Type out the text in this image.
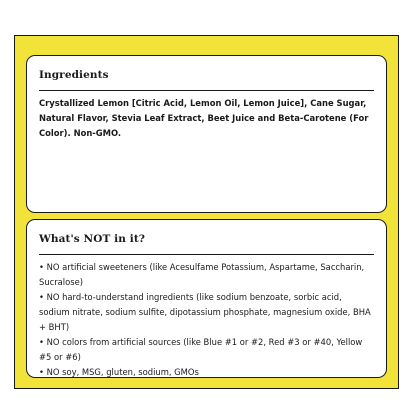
Ingredients
Crystallized Lemon [Citric Acid, Lemon Oil, Lemon Juice], Cane Sugar, Natural Flavor, Stevia Leaf Extract, Beet Juice and Beta-Carotene (For Color). Non-GMO.
What's NOT in it?
• NO artificial sweeteners (like Acesulfame Potassium, Aspartame, Saccharin, Sucralose)
• NO hard-to-understand ingredients (like sodium benzoate, sorbic acid, sodium nitrate, sodium sulfite, dipotassium phosphate, magnesium oxide, BHA + BHT)
• NO colors from artificial sources (like Blue #1 or #2, Red #3 or #40, Yellow #5 or #6)
• NO soy, MSG, gluten, sodium, GMOs
